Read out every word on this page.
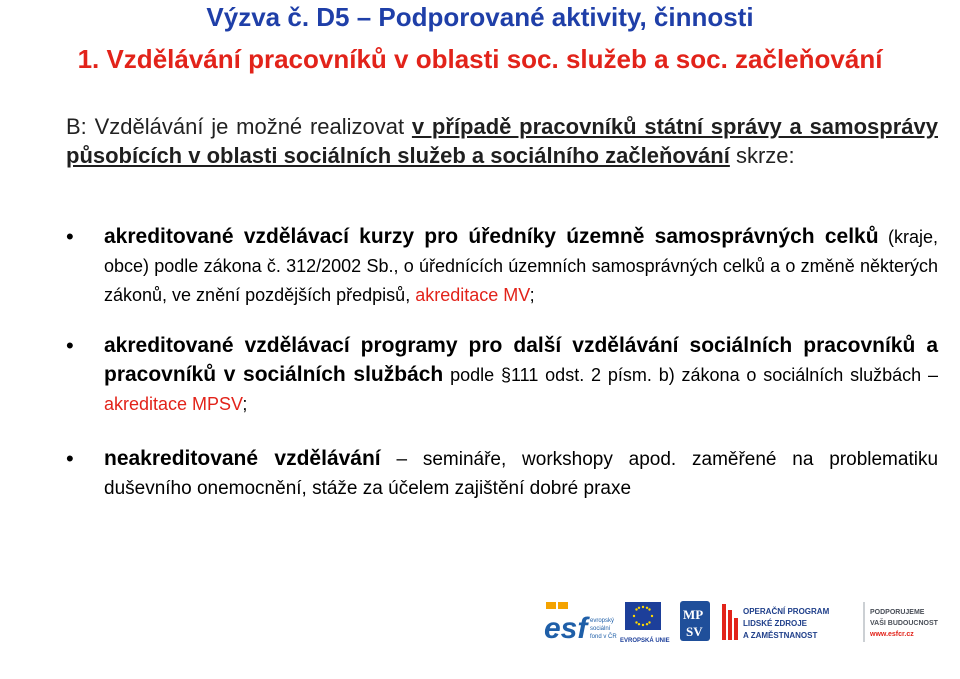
Výzva č. D5 – Podporované aktivity, činnosti
1. Vzdělávání pracovníků v oblasti soc. služeb a soc. začleňování
B: Vzdělávání je možné realizovat v případě pracovníků státní správy a samosprávy působících v oblasti sociálních služeb a sociálního začleňování skrze:
• akreditované vzdělávací kurzy pro úředníky územně samosprávných celků (kraje, obce) podle zákona č. 312/2002 Sb., o úřednících územních samosprávných celků a o změně některých zákonů, ve znění pozdějších předpisů, akreditace MV;
• akreditované vzdělávací programy pro další vzdělávání sociálních pracovníků a pracovníků v sociálních službách podle §111 odst. 2 písm. b) zákona o sociálních službách – akreditace MPSV;
• neakreditované vzdělávání – semináře, workshopy apod. zaměřené na problematiku duševního onemocnění, stáže za účelem zajištění dobré praxe
esf evropský
sociální
fond v ČR
EVROPSKÁ UNIE
MP
SV
OPERAČNÍ PROGRAM
LIDSKÉ ZDROJE
A ZAMĚSTNANOST
PODPORUJEME
VAŠI BUDOUCNOST
www.esfcr.cz
